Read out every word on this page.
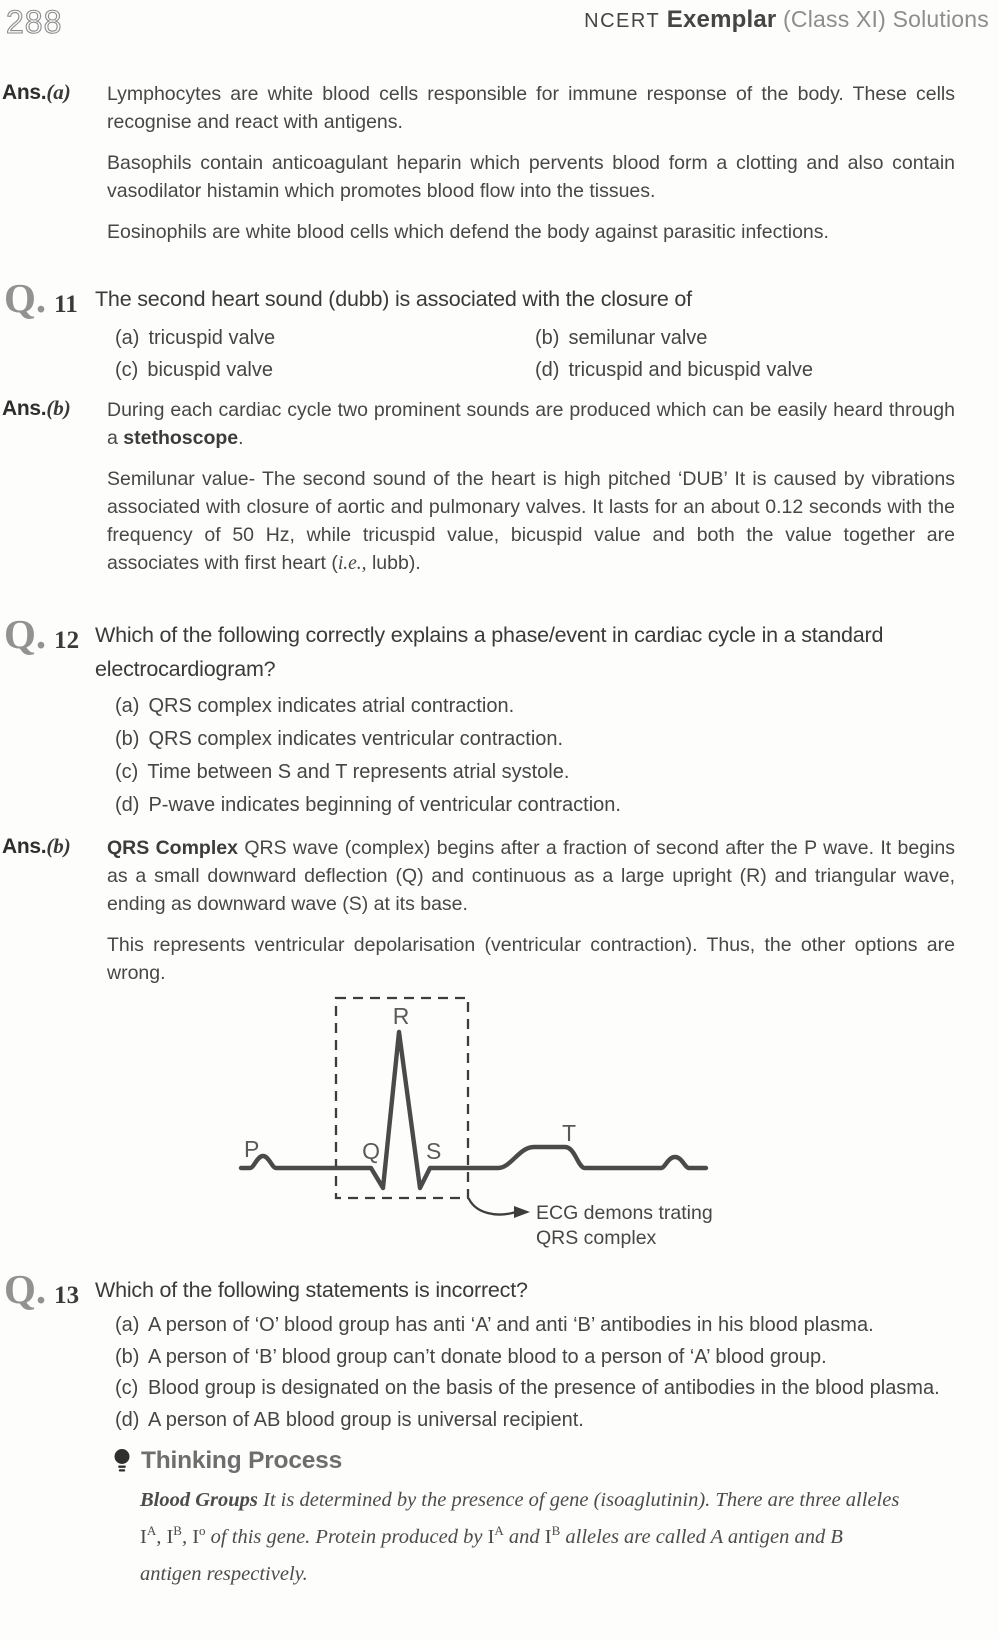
288	NCERT Exemplar (Class XI) Solutions
Ans.(a)	Lymphocytes are white blood cells responsible for immune response of the body. These cells recognise and react with antigens.

Basophils contain anticoagulant heparin which pervents blood form a clotting and also contain vasodilator histamin which promotes blood flow into the tissues.

Eosinophils are white blood cells which defend the body against parasitic infections.

Q. 11 The second heart sound (dubb) is associated with the closure of
(a) tricuspid valve	(b) semilunar valve
(c) bicuspid valve	(d) tricuspid and bicuspid valve
Ans.(b)	During each cardiac cycle two prominent sounds are produced which can be easily heard through a stethoscope.

Semilunar value- The second sound of the heart is high pitched ‘DUB’ It is caused by vibrations associated with closure of aortic and pulmonary valves. It lasts for an about 0.12 seconds with the frequency of 50 Hz, while tricuspid value, bicuspid value and both the value together are associates with first heart (i.e., lubb).

Q. 12 Which of the following correctly explains a phase/event in cardiac cycle in a standard electrocardiogram?
(a) QRS complex indicates atrial contraction.
(b) QRS complex indicates ventricular contraction.
(c) Time between S and T represents atrial systole.
(d) P-wave indicates beginning of ventricular contraction.
Ans.(b)	QRS Complex QRS wave (complex) begins after a fraction of second after the P wave. It begins as a small downward deflection (Q) and continuous as a large upright (R) and triangular wave, ending as downward wave (S) at its base.

This represents ventricular depolarisation (ventricular contraction). Thus, the other options are wrong.

P	Q
R
S
T
ECG demons trating
QRS complex
Q. 13 Which of the following statements is incorrect?
(a) A person of ‘O’ blood group has anti ‘A’ and anti ‘B’ antibodies in his blood plasma.
(b) A person of ‘B’ blood group can’t donate blood to a person of ‘A’ blood group.
(c) Blood group is designated on the basis of the presence of antibodies in the blood plasma.
(d) A person of AB blood group is universal recipient.
Thinking Process
Blood Groups It is determined by the presence of gene (isoaglutinin). There are three alleles $I^A$, $I^B$, $I^o$ of this gene. Protein produced by $I^A$ and $I^B$ alleles are called A antigen and B antigen respectively.
